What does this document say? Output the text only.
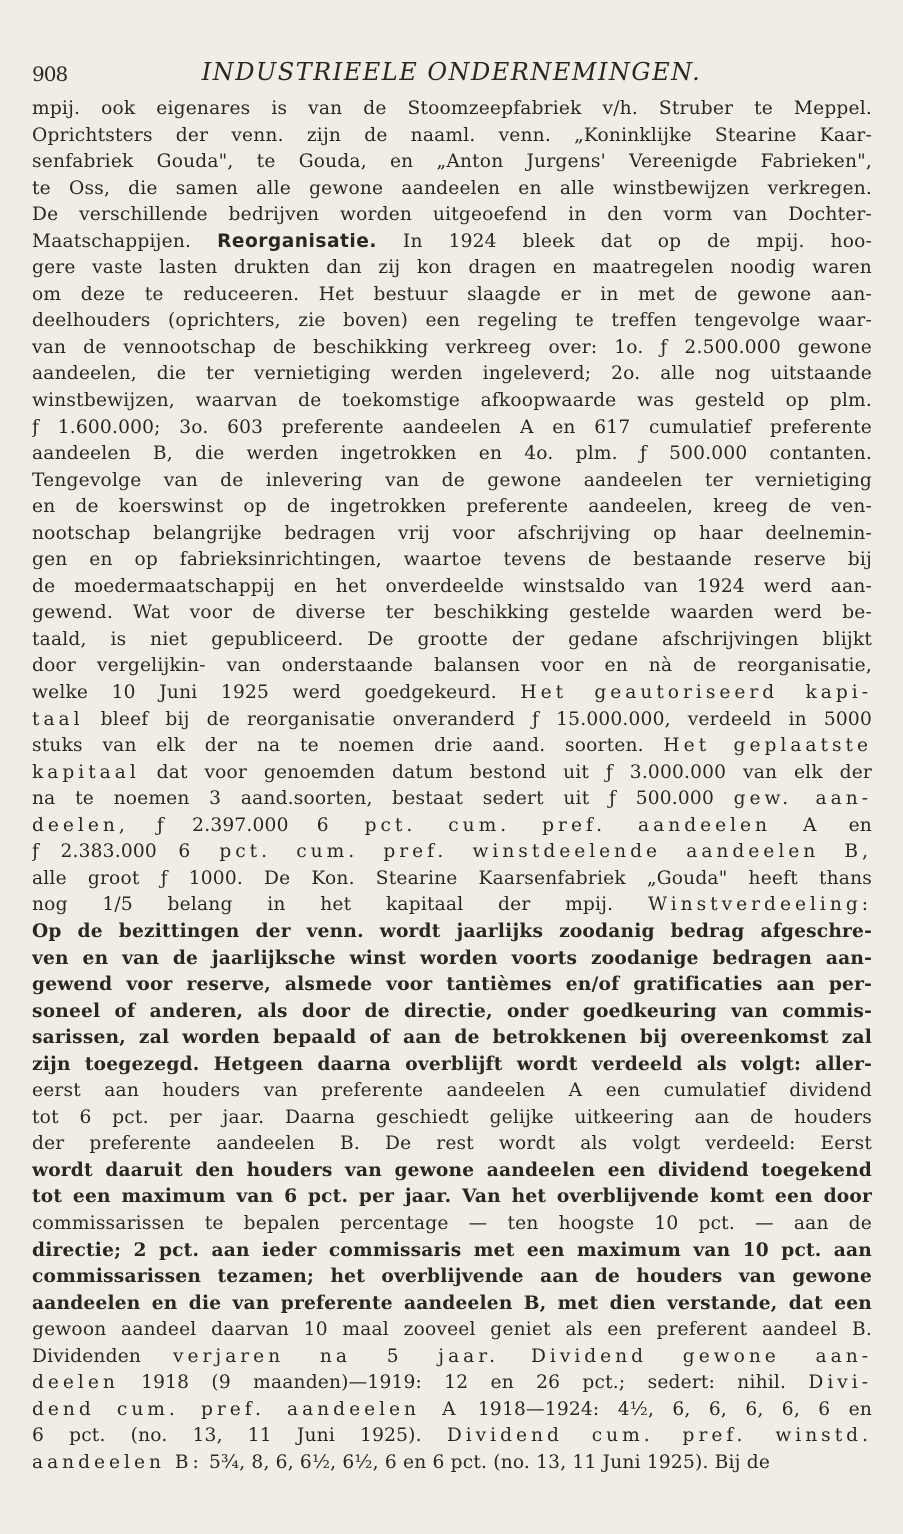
908	INDUSTRIEELE ONDERNEMINGEN.
mpij. ook eigenares is van de Stoomzeepfabriek v/h. Struber te Meppel.
Oprichtsters der venn. zijn de naaml. venn. „Koninklijke Stearine Kaar-
senfabriek Gouda", te Gouda, en „Anton Jurgens' Vereenigde Fabrieken",
te Oss, die samen alle gewone aandeelen en alle winstbewijzen verkregen.
De verschillende bedrijven worden uitgeoefend in den vorm van Dochter-
Maatschappijen. Reorganisatie. In 1924 bleek dat op de mpij. hoo-
gere vaste lasten drukten dan zij kon dragen en maatregelen noodig waren
om deze te reduceeren. Het bestuur slaagde er in met de gewone aan-
deelhouders (oprichters, zie boven) een regeling te treffen tengevolge waar-
van de vennootschap de beschikking verkreeg over: 1o. ƒ 2.500.000 gewone
aandeelen, die ter vernietiging werden ingeleverd; 2o. alle nog uitstaande
winstbewijzen, waarvan de toekomstige afkoopwaarde was gesteld op plm.
ƒ 1.600.000; 3o. 603 preferente aandeelen A en 617 cumulatief preferente
aandeelen B, die werden ingetrokken en 4o. plm. ƒ 500.000 contanten.
Tengevolge van de inlevering van de gewone aandeelen ter vernietiging
en de koerswinst op de ingetrokken preferente aandeelen, kreeg de ven-
nootschap belangrijke bedragen vrij voor afschrijving op haar deelnemin-
gen en op fabrieksinrichtingen, waartoe tevens de bestaande reserve bij
de moedermaatschappij en het onverdeelde winstsaldo van 1924 werd aan-
gewend. Wat voor de diverse ter beschikking gestelde waarden werd be-
taald, is niet gepubliceerd. De grootte der gedane afschrijvingen blijkt
door vergelijkin- van onderstaande balansen voor en nà de reorganisatie,
welke 10 Juni 1925 werd goedgekeurd. Het geautoriseerd kapi-
taal bleef bij de reorganisatie onveranderd ƒ 15.000.000, verdeeld in 5000
stuks van elk der na te noemen drie aand. soorten. Het geplaatste
kapitaal dat voor genoemden datum bestond uit ƒ 3.000.000 van elk der
na te noemen 3 aand.soorten, bestaat sedert uit ƒ 500.000 gew. aan-
deelen, ƒ 2.397.000 6 pct. cum. pref. aandeelen A en
ƒ 2.383.000 6 pct. cum. pref. winstdeelende aandeelen B,
alle groot ƒ 1000. De Kon. Stearine Kaarsenfabriek „Gouda" heeft thans
nog 1/5 belang in het kapitaal der mpij. Winstverdeeling:
Op de bezittingen der venn. wordt jaarlijks zoodanig bedrag afgeschre-
ven en van de jaarlijksche winst worden voorts zoodanige bedragen aan-
gewend voor reserve, alsmede voor tantièmes en/of gratificaties aan per-
soneel of anderen, als door de directie, onder goedkeuring van commis-
sarissen, zal worden bepaald of aan de betrokkenen bij overeenkomst zal
zijn toegezegd. Hetgeen daarna overblijft wordt verdeeld als volgt: aller-
eerst aan houders van preferente aandeelen A een cumulatief dividend
tot 6 pct. per jaar. Daarna geschiedt gelijke uitkeering aan de houders
der preferente aandeelen B. De rest wordt als volgt verdeeld: Eerst
wordt daaruit den houders van gewone aandeelen een dividend toegekend
tot een maximum van 6 pct. per jaar. Van het overblijvende komt een door
commissarissen te bepalen percentage — ten hoogste 10 pct. — aan de
directie; 2 pct. aan ieder commissaris met een maximum van 10 pct. aan
commissarissen tezamen; het overblijvende aan de houders van gewone
aandeelen en die van preferente aandeelen B, met dien verstande, dat een
gewoon aandeel daarvan 10 maal zooveel geniet als een preferent aandeel B.
Dividenden verjaren na 5 jaar. Dividend gewone aan-
deelen 1918 (9 maanden)—1919: 12 en 26 pct.; sedert: nihil. Divi-
dend cum. pref. aandeelen A 1918—1924: 4½, 6, 6, 6, 6, 6 en
6 pct. (no. 13, 11 Juni 1925). Dividend cum. pref. winstd.
aandeelen B: 5¾, 8, 6, 6½, 6½, 6 en 6 pct. (no. 13, 11 Juni 1925). Bij de
